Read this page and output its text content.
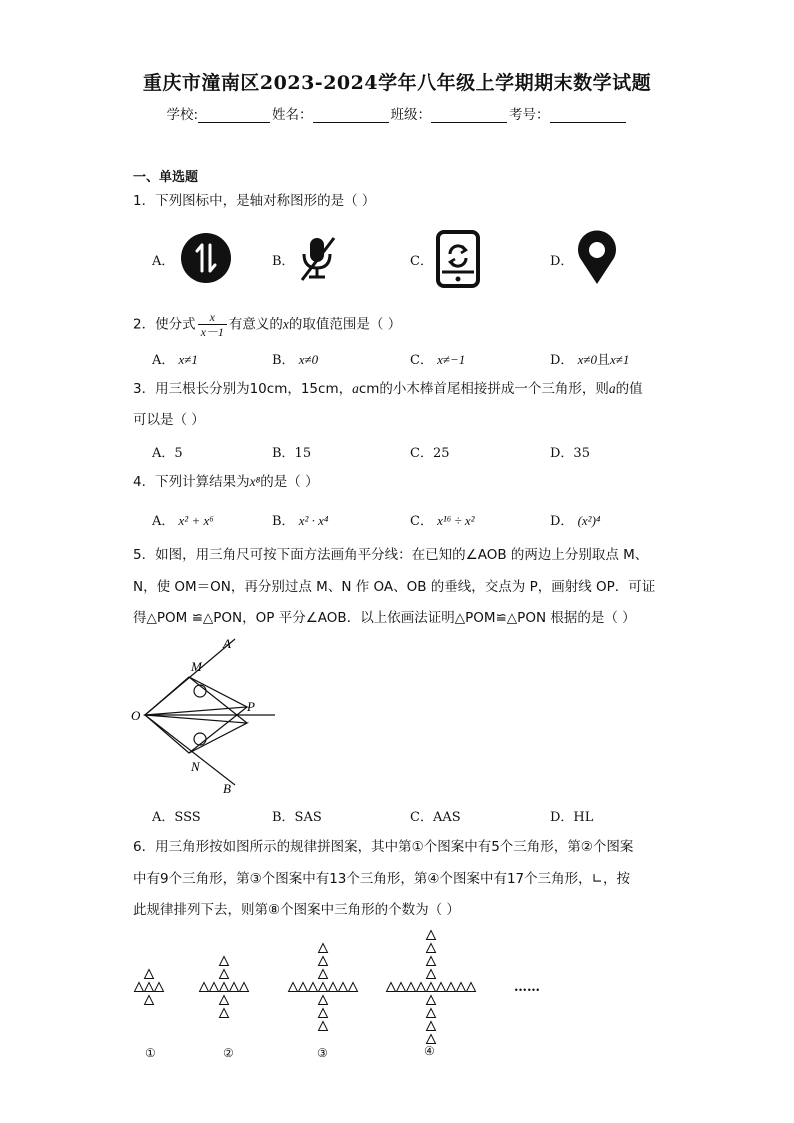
重庆市潼南区2023-2024学年八年级上学期期末数学试题
学校:	姓名：	班级：	考号：
一、单选题
1．下列图标中，是轴对称图形的是（ ）
A．	B．	C．	D．
2．使分式 $\frac{x}{x-1}$ 有意义的x的取值范围是（ ）
A． x≠1	B． x≠0	C． x≠−1	D． x≠0且x≠1
3．用三根长分别为10cm，15cm，acm的小木棒首尾相接拼成一个三角形，则a的值
可以是（ ）
A．5	B．15	C．25	D．35
4．下列计算结果为x⁸的是（ ）
A． x² + x⁶	B． x² · x⁴	C． x¹⁶ ÷ x²	D． (x²)⁴
5．如图，用三角尺可按下面方法画角平分线：在已知的∠AOB 的两边上分别取点 M、
N，使 OM＝ON，再分别过点 M、N 作 OA、OB 的垂线，交点为 P，画射线 OP．可证
得△POM ≌△PON，OP 平分∠AOB．以上依画法证明△POM≌△PON 根据的是（ ）
A
M
O
P
N
B
A．SSS	B．SAS	C．AAS	D．HL
6．用三角形按如图所示的规律拼图案，其中第①个图案中有5个三角形，第②个图案
中有9个三角形，第③个图案中有13个三角形，第④个图案中有17个三角形，∟，按
此规律排列下去，则第⑧个图案中三角形的个数为（ ）
①	②	③	④
……
